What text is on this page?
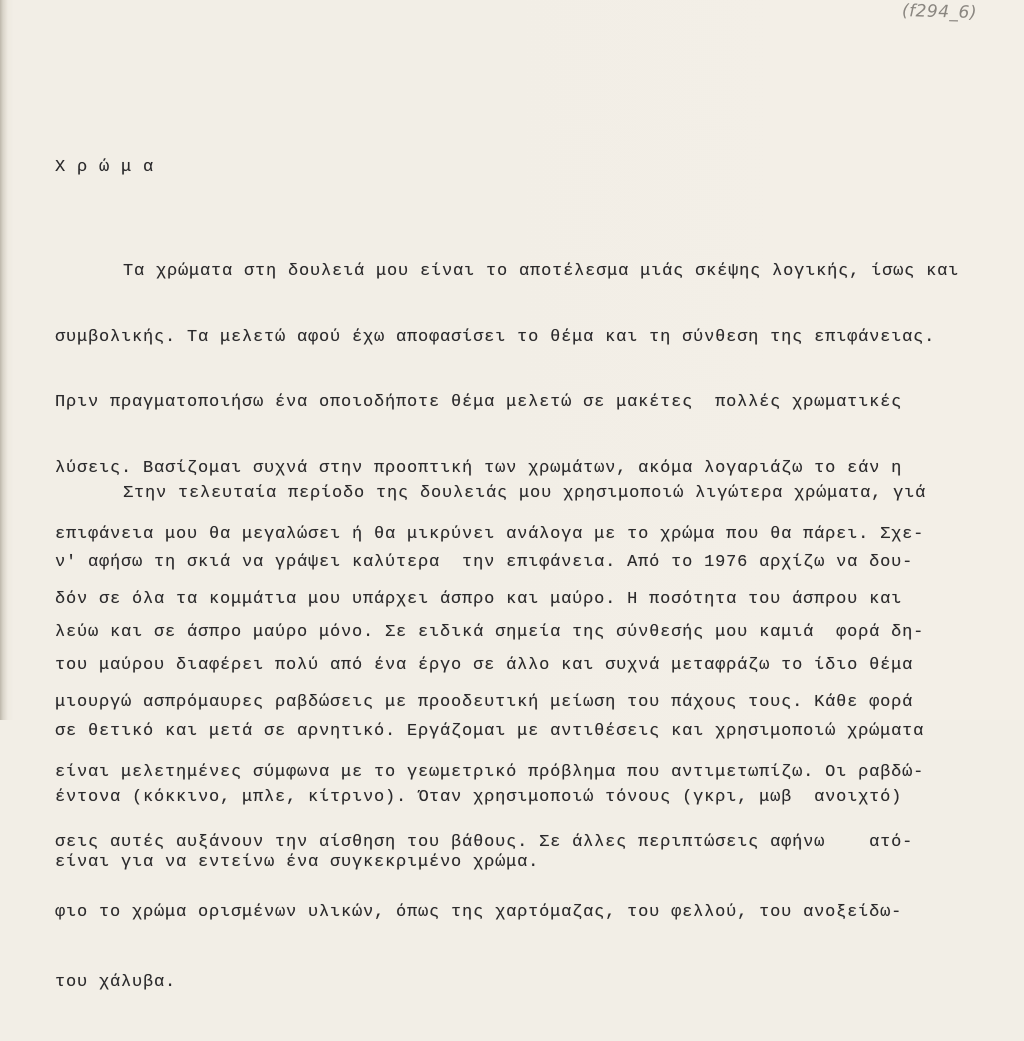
(f294_6)
Χ ρ ώ μ α

Τα χρώματα στη δουλειά μου είναι το αποτέλεσμα μιάς σκέψης λογικής, ίσως και

συμβολικής. Τα μελετώ αφού έχω αποφασίσει το θέμα και τη σύνθεση της επιφάνειας.

Πριν πραγματοποιήσω ένα οποιοδήποτε θέμα μελετώ σε μακέτες  πολλές χρωματικές

λύσεις. Βασίζομαι συχνά στην προοπτική των χρωμάτων, ακόμα λογαριάζω το εάν η

επιφάνεια μου θα μεγαλώσει ή θα μικρύνει ανάλογα με το χρώμα που θα πάρει. Σχε-

δόν σε όλα τα κομμάτια μου υπάρχει άσπρο και μαύρο. Η ποσότητα του άσπρου και

του μαύρου διαφέρει πολύ από ένα έργο σε άλλο και συχνά μεταφράζω το ίδιο θέμα

σε θετικό και μετά σε αρνητικό. Εργάζομαι με αντιθέσεις και χρησιμοποιώ χρώματα

έντονα (κόκκινο, μπλε, κίτρινο). Όταν χρησιμοποιώ τόνους (γκρι, μωβ  ανοιχτό)

είναι για να εντείνω ένα συγκεκριμένο χρώμα.

Στην τελευταία περίοδο της δουλειάς μου χρησιμοποιώ λιγώτερα χρώματα, γιά

ν' αφήσω τη σκιά να γράψει καλύτερα  την επιφάνεια. Από το 1976 αρχίζω να δου-

λεύω και σε άσπρο μαύρο μόνο. Σε ειδικά σημεία της σύνθεσής μου καμιά  φορά δη-

μιουργώ ασπρόμαυρες ραβδώσεις με προοδευτική μείωση του πάχους τους. Κάθε φορά

είναι μελετημένες σύμφωνα με το γεωμετρικό πρόβλημα που αντιμετωπίζω. Οι ραβδώ-

σεις αυτές αυξάνουν την αίσθηση του βάθους. Σε άλλες περιπτώσεις αφήνω    ατό-

φιο το χρώμα ορισμένων υλικών, όπως της χαρτόμαζας, του φελλού, του ανοξείδω-

του χάλυβα.
